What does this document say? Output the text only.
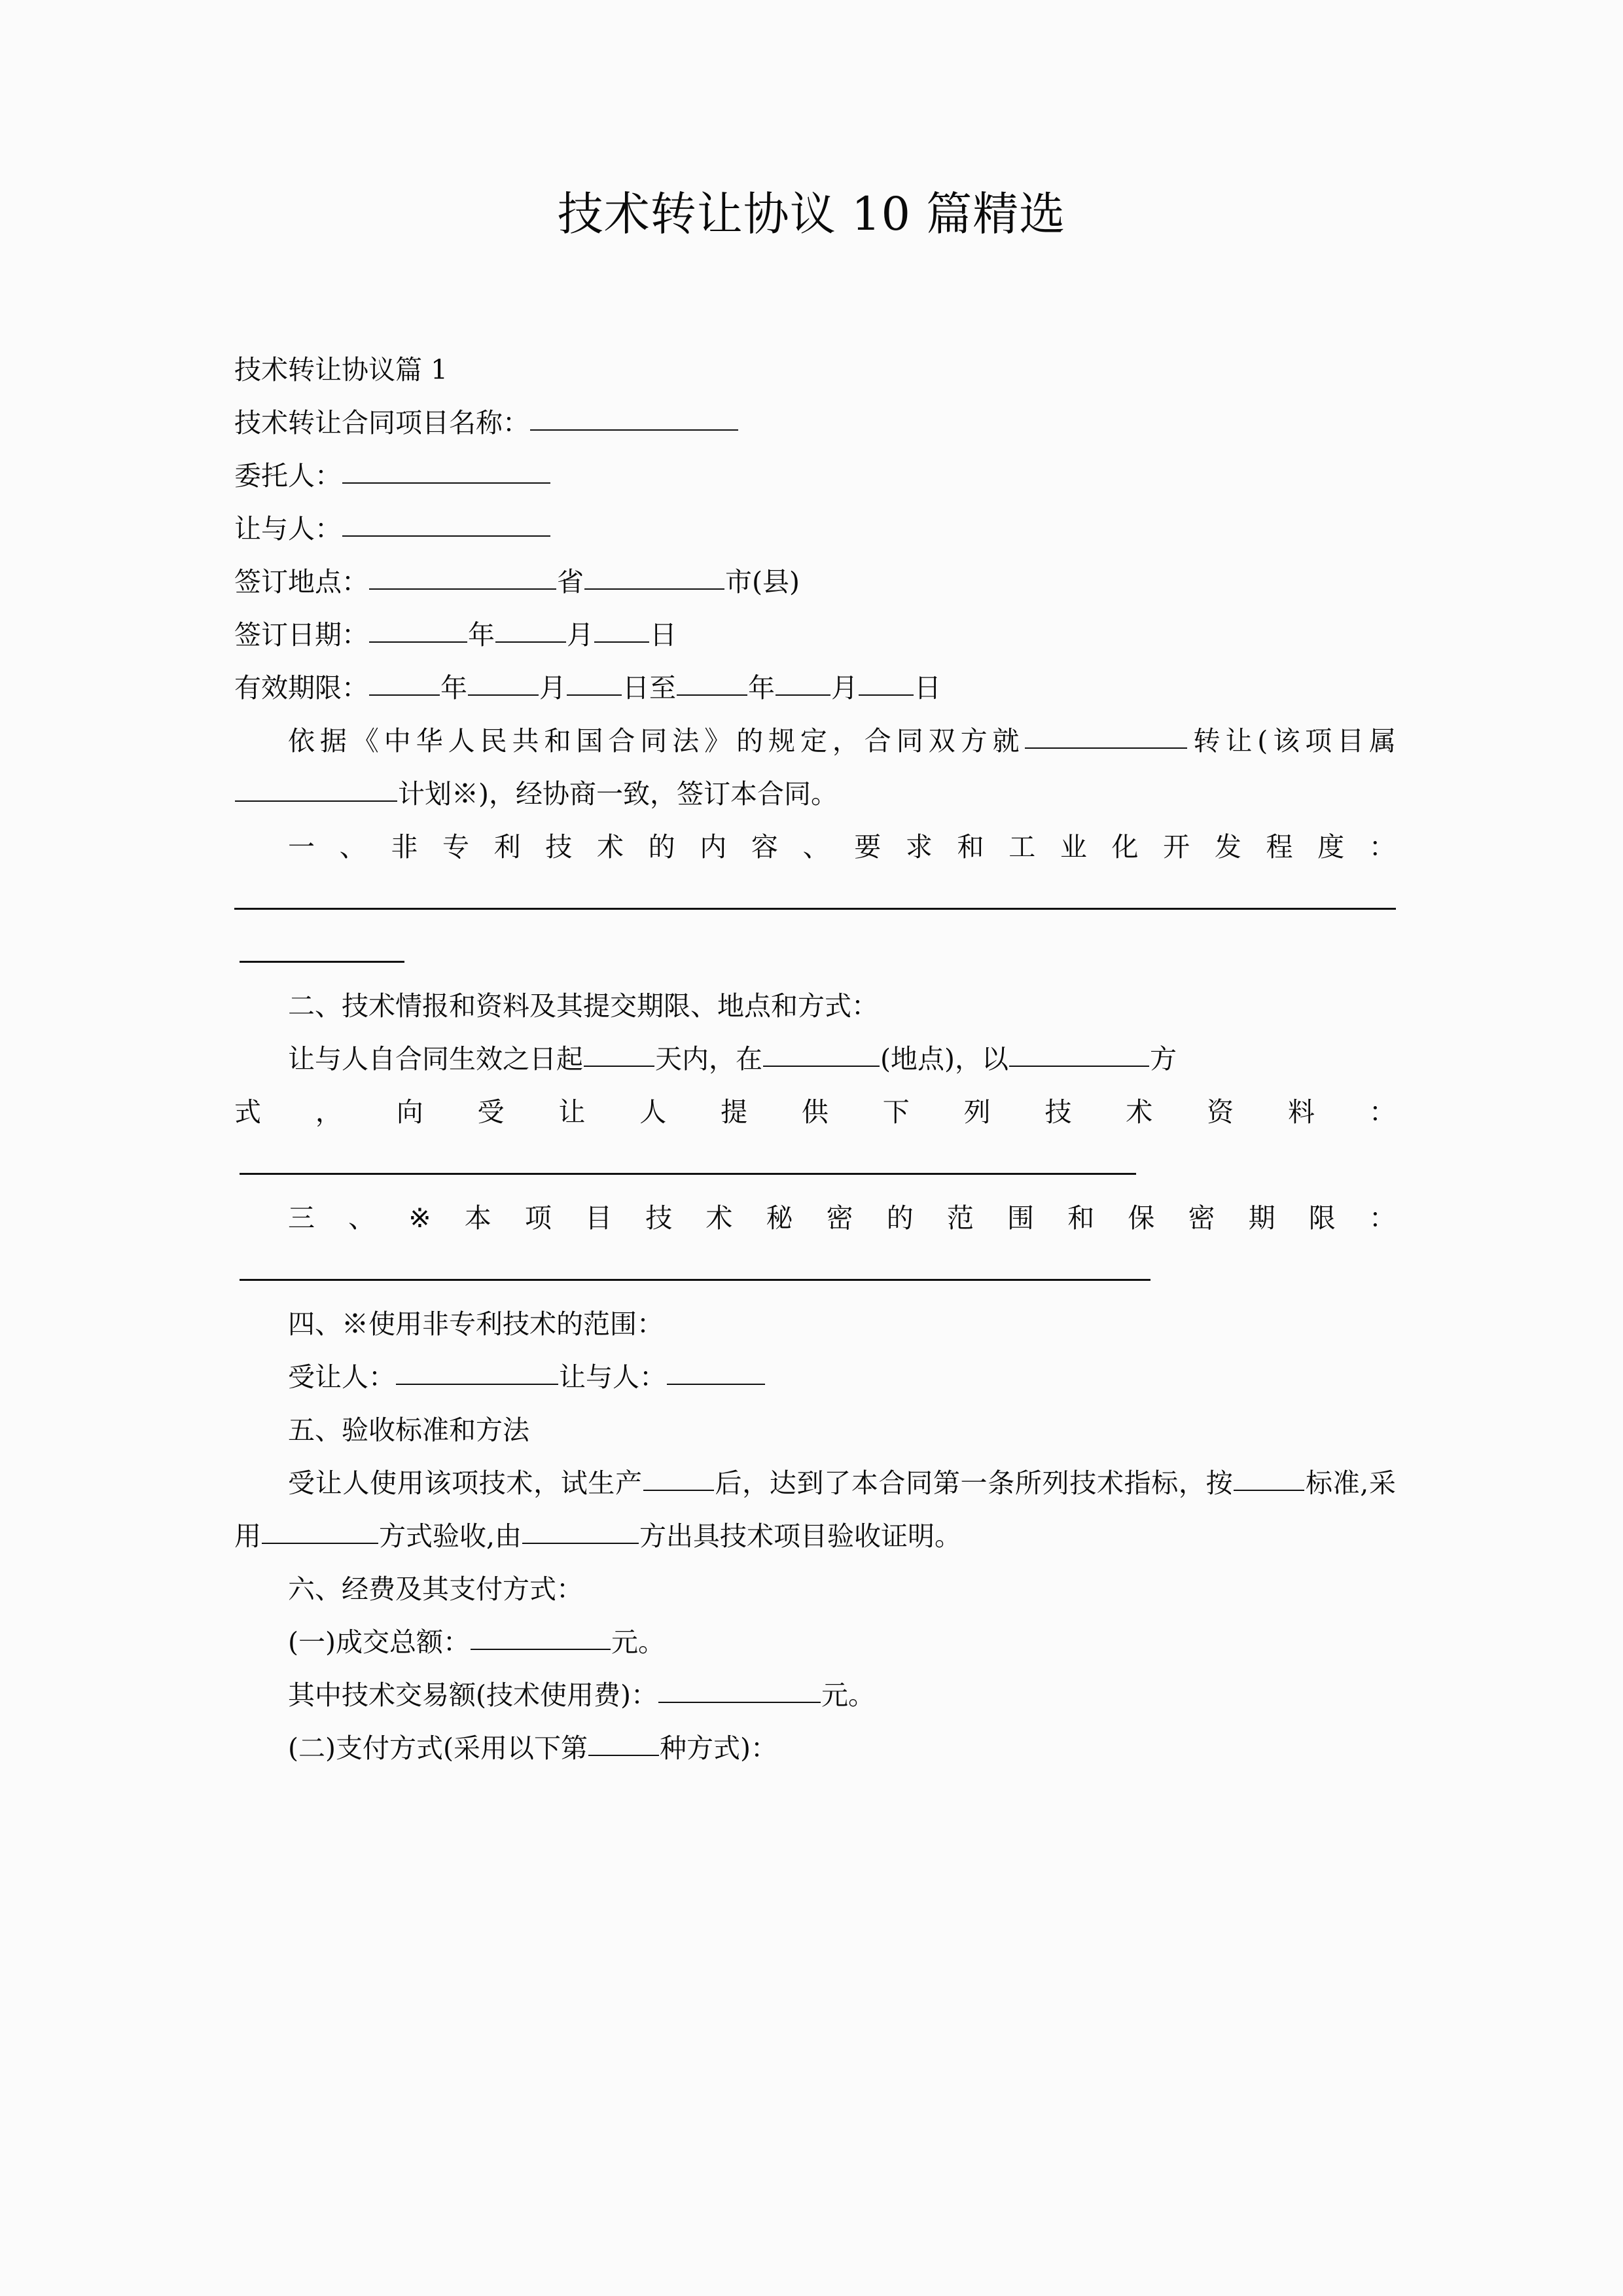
技术转让协议 10 篇精选

技术转让协议篇 1

技术转让合同项目名称：

委托人：

让与人：

签订地点：	省	市(县)

签订日期：	年	月 日

有效期限：	年	月 日至	年 月 日

依据《中华人民共和国合同法》的规定，合同双方就	转让(该项目属计划※)，经协商一致，签订本合同。

一 、 非 专 利 技 术 的 内 容 、 要 求 和 工 业 化 开 发 程 度 ：

二、技术情报和资料及其提交期限、地点和方式：

让与人自合同生效之日起	天内，在	(地点)，以	方

式 ， 向 受 让 人 提 供 下 列 技 术 资 料 ：

三 、 ※ 本 项 目 技 术 秘 密 的 范 围 和 保 密 期 限 ：

四、※使用非专利技术的范围：

受让人：	让与人：

五、验收标准和方法

受让人使用该项技术，试生产	后，达到了本合同第一条所列技术指标，按	标准,采用	方式验收,由	方出具技术项目验收证明。

六、经费及其支付方式：

(一)成交总额：	元。

其中技术交易额(技术使用费)：	元。

(二)支付方式(采用以下第	种方式)：
